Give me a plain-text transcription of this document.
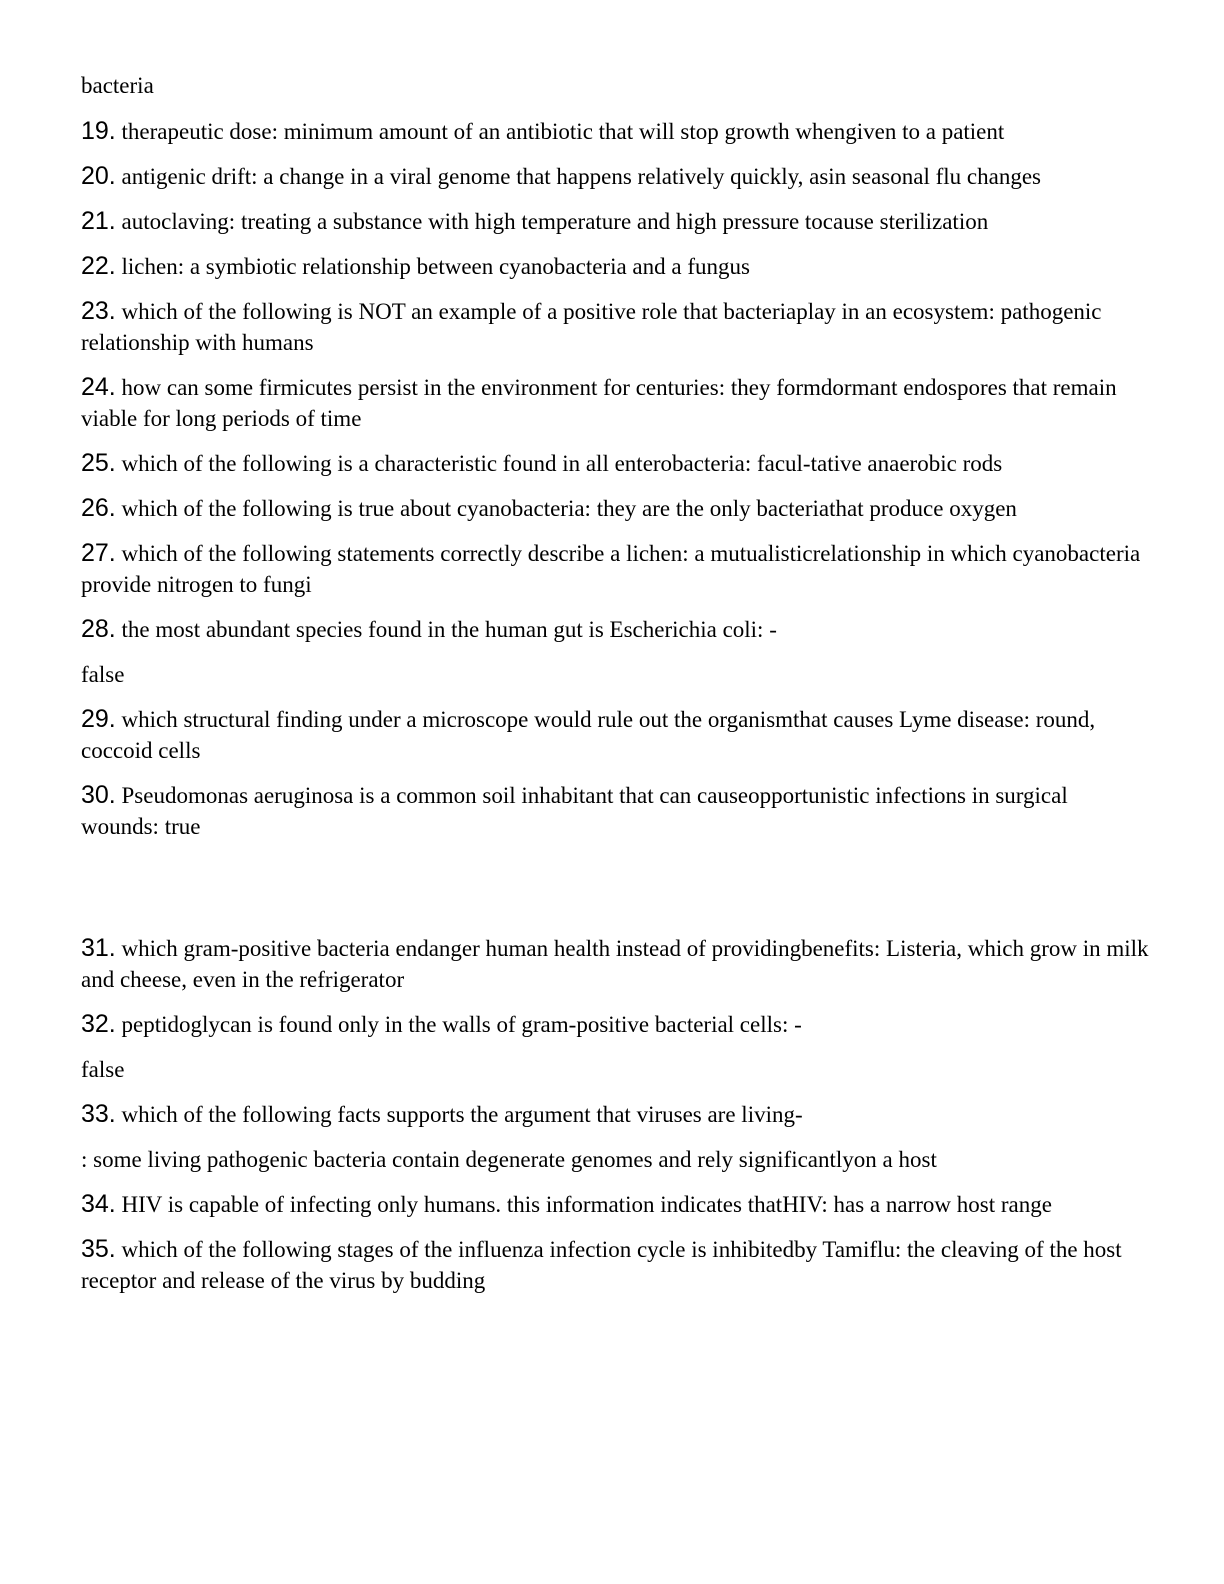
bacteria
19. therapeutic dose: minimum amount of an antibiotic that will stop growth whengiven to a patient
20. antigenic drift: a change in a viral genome that happens relatively quickly, asin seasonal flu changes
21. autoclaving: treating a substance with high temperature and high pressure tocause sterilization
22. lichen: a symbiotic relationship between cyanobacteria and a fungus
23. which of the following is NOT an example of a positive role that bacteriaplay in an ecosystem: pathogenic relationship with humans
24. how can some firmicutes persist in the environment for centuries: they formdormant endospores that remain viable for long periods of time
25. which of the following is a characteristic found in all enterobacteria: facul-tative anaerobic rods
26. which of the following is true about cyanobacteria: they are the only bacteriathat produce oxygen
27. which of the following statements correctly describe a lichen: a mutualisticrelationship in which cyanobacteria provide nitrogen to fungi
28. the most abundant species found in the human gut is Escherichia coli: -
false
29. which structural finding under a microscope would rule out the organismthat causes Lyme disease: round, coccoid cells
30. Pseudomonas aeruginosa is a common soil inhabitant that can causeopportunistic infections in surgical wounds: true
31. which gram-positive bacteria endanger human health instead of providingbenefits: Listeria, which grow in milk and cheese, even in the refrigerator
32. peptidoglycan is found only in the walls of gram-positive bacterial cells: -
false
33. which of the following facts supports the argument that viruses are living-
: some living pathogenic bacteria contain degenerate genomes and rely significantlyon a host
34. HIV is capable of infecting only humans. this information indicates thatHIV: has a narrow host range
35. which of the following stages of the influenza infection cycle is inhibitedby Tamiflu: the cleaving of the host receptor and release of the virus by budding
